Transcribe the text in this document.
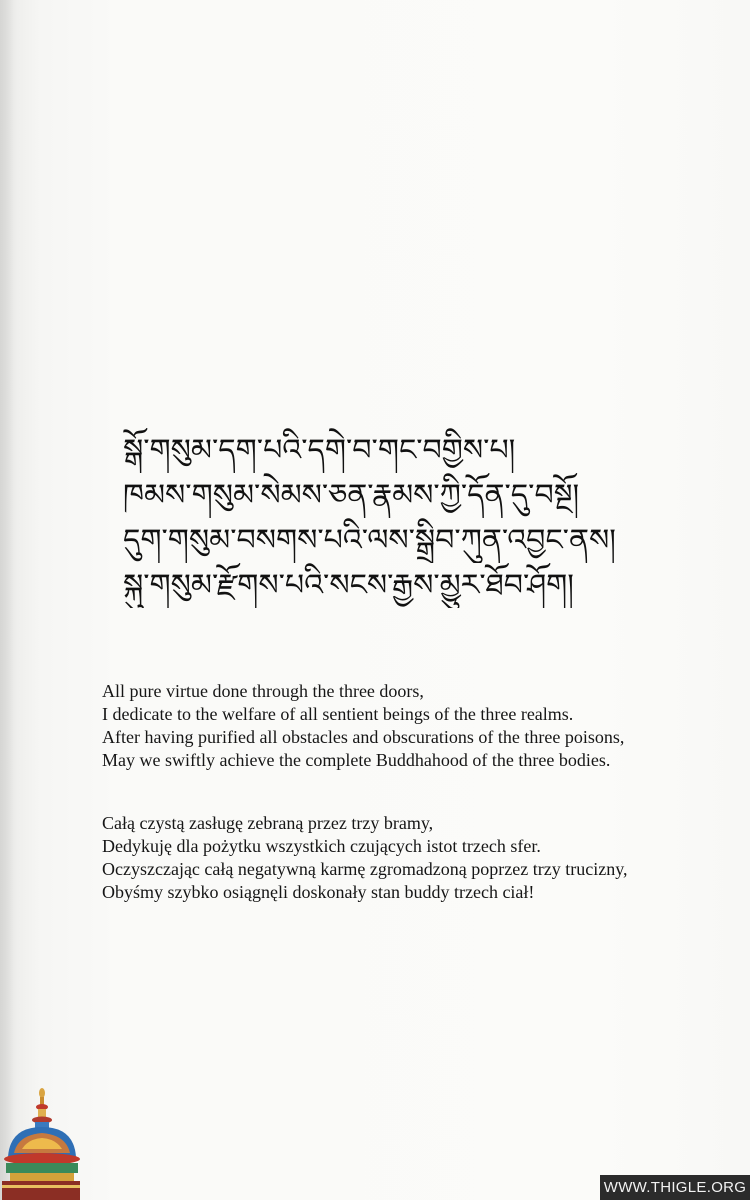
སྒོ་གསུམ་དག་པའི་དགེ་བ་གང་བགྱིས་པ།
ཁམས་གསུམ་སེམས་ཅན་རྣམས་ཀྱི་དོན་དུ་བསྔོ།
དུག་གསུམ་བསགས་པའི་ལས་སྒྲིབ་ཀུན་འབྱང་ནས།
སྐུ་གསུམ་རྫོགས་པའི་སངས་རྒྱས་མྱུར་ཐོབ་ཤོག།
All pure virtue done through the three doors,
I dedicate to the welfare of all sentient beings of the three realms.
After having purified all obstacles and obscurations of the three poisons,
May we swiftly achieve the complete Buddhahood of the three bodies.
Całą czystą zasługę zebraną przez trzy bramy,
Dedykuję dla pożytku wszystkich czujących istot trzech sfer.
Oczyszczając całą negatywną karmę zgromadzoną poprzez trzy trucizny,
Obyśmy szybko osiągnęli doskonały stan buddy trzech ciał!
WWW.THIGLE.ORG
